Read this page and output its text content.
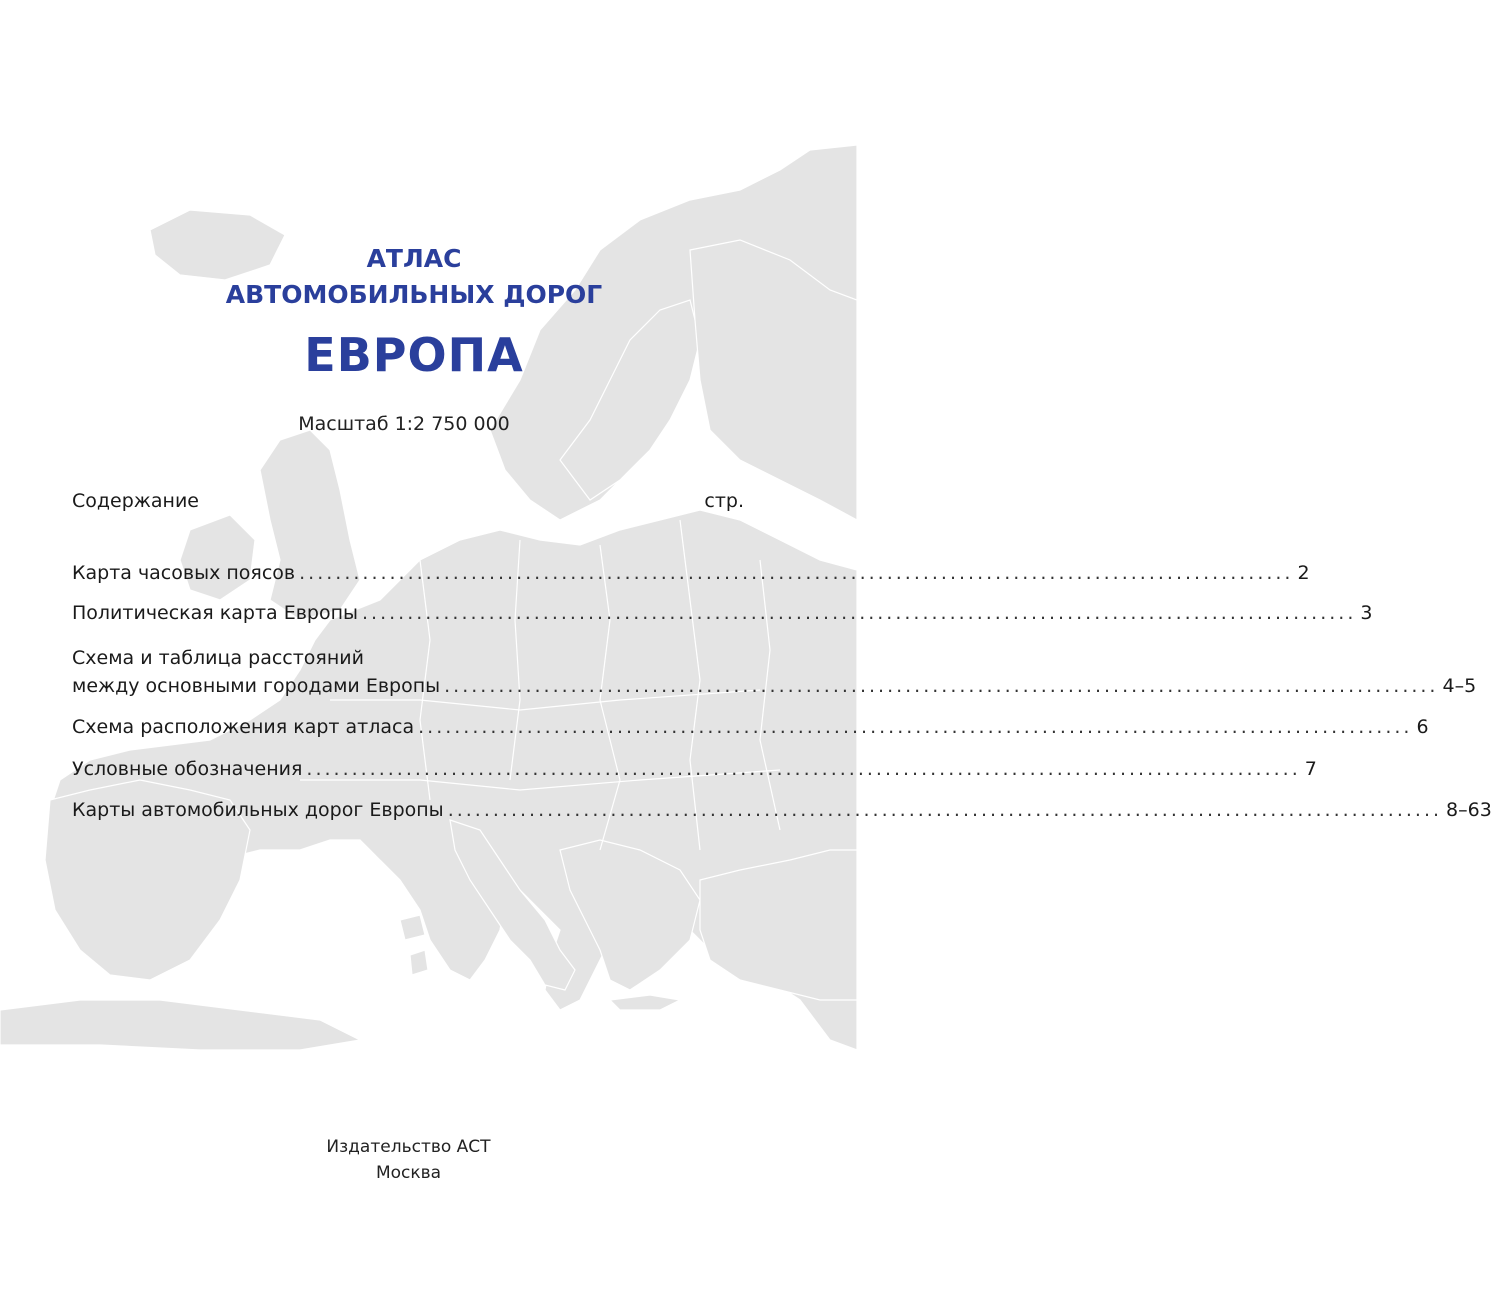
АТЛАС
АВТОМОБИЛЬНЫХ ДОРОГ
ЕВРОПА
Масштаб 1:2 750 000
Содержание	стр.
Карта часовых поясов .............................................................................................................. 2
Политическая карта Европы .............................................................................................................. 3
Схема и таблица расстояний
между основными городами Европы .............................................................................................................. 4–5
Схема расположения карт атласа .............................................................................................................. 6
Условные обозначения .............................................................................................................. 7
Карты автомобильных дорог Европы .............................................................................................................. 8–63
Издательство АСТ
Москва
